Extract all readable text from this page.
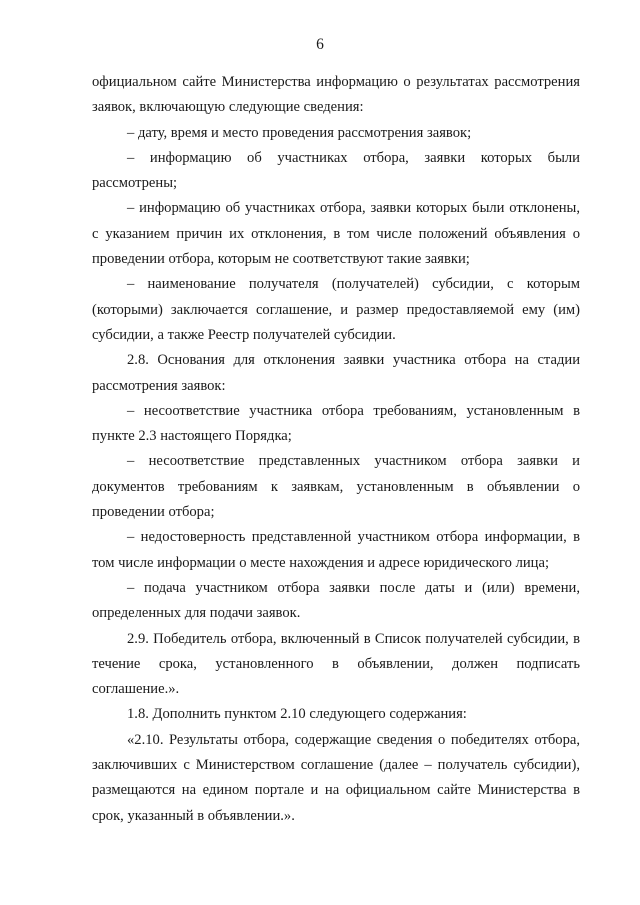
6

официальном сайте Министерства информацию о результатах рассмотрения заявок, включающую следующие сведения:

– дату, время и место проведения рассмотрения заявок;

– информацию об участниках отбора, заявки которых были рассмотрены;

– информацию об участниках отбора, заявки которых были отклонены, с указанием причин их отклонения, в том числе положений объявления о проведении отбора, которым не соответствуют такие заявки;

– наименование получателя (получателей) субсидии, с которым (которыми) заключается соглашение, и размер предоставляемой ему (им) субсидии, а также Реестр получателей субсидии.

2.8. Основания для отклонения заявки участника отбора на стадии рассмотрения заявок:

– несоответствие участника отбора требованиям, установленным в пункте 2.3 настоящего Порядка;

– несоответствие представленных участником отбора заявки и документов требованиям к заявкам, установленным в объявлении о проведении отбора;

– недостоверность представленной участником отбора информации, в том числе информации о месте нахождения и адресе юридического лица;

– подача участником отбора заявки после даты и (или) времени, определенных для подачи заявок.

2.9. Победитель отбора, включенный в Список получателей субсидии, в течение срока, установленного в объявлении, должен подписать соглашение.».

1.8. Дополнить пунктом 2.10 следующего содержания:

«2.10. Результаты отбора, содержащие сведения о победителях отбора, заключивших с Министерством соглашение (далее – получатель субсидии), размещаются на едином портале и на официальном сайте Министерства в срок, указанный в объявлении.».
